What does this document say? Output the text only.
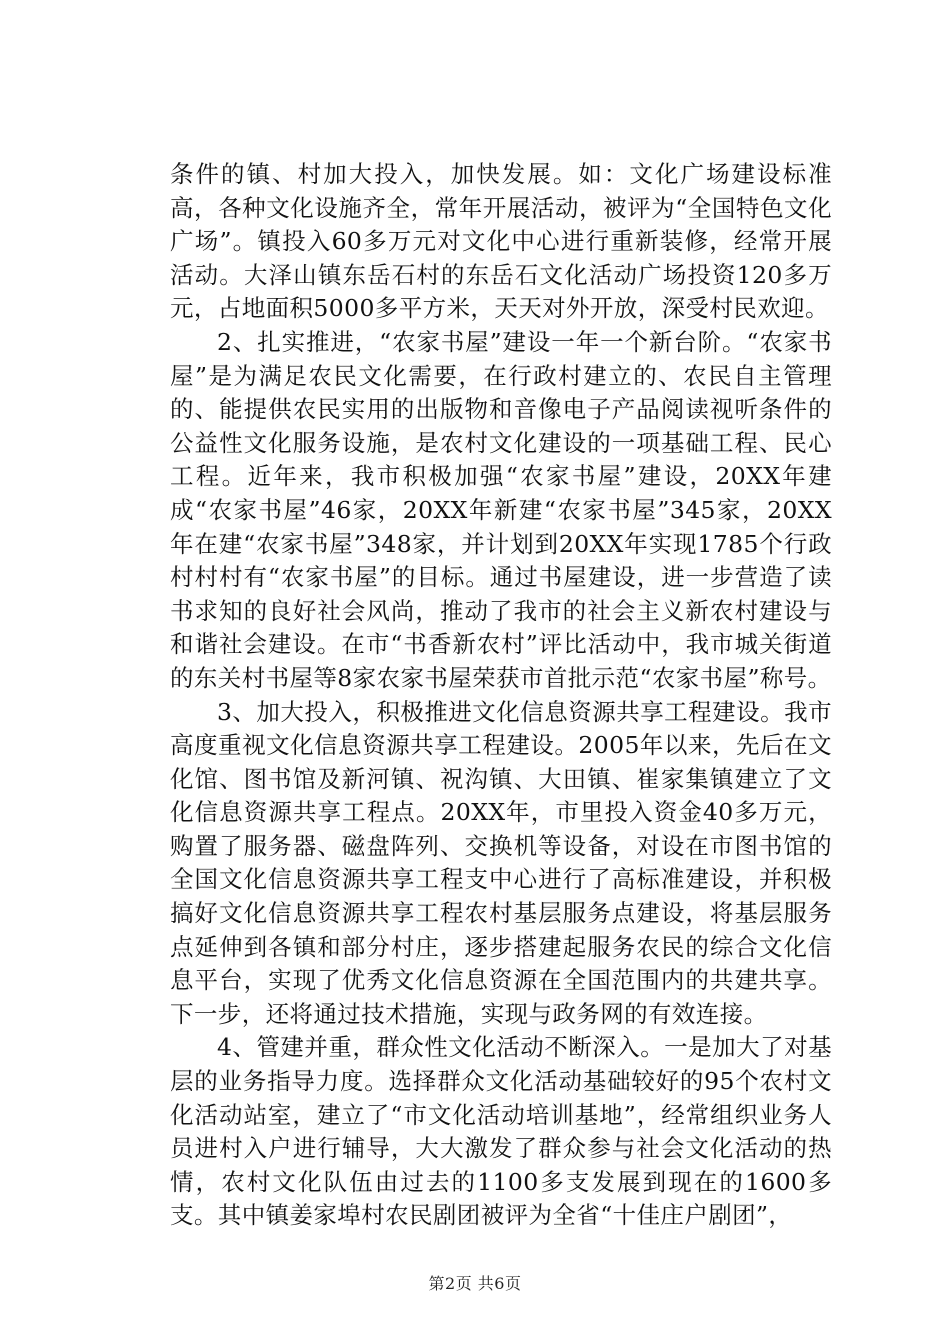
条件的镇、村加大投入，加快发展。如：文化广场建设标准高，各种文化设施齐全，常年开展活动，被评为“全国特色文化广场”。镇投入60多万元对文化中心进行重新装修，经常开展活动。大泽山镇东岳石村的东岳石文化活动广场投资120多万元，占地面积5000多平方米，天天对外开放，深受村民欢迎。

2、扎实推进，“农家书屋”建设一年一个新台阶。“农家书屋”是为满足农民文化需要，在行政村建立的、农民自主管理的、能提供农民实用的出版物和音像电子产品阅读视听条件的公益性文化服务设施，是农村文化建设的一项基础工程、民心工程。近年来，我市积极加强“农家书屋”建设，20XX年建成“农家书屋”46家，20XX年新建“农家书屋”345家，20XX年在建“农家书屋”348家，并计划到20XX年实现1785个行政村村村有“农家书屋”的目标。通过书屋建设，进一步营造了读书求知的良好社会风尚，推动了我市的社会主义新农村建设与和谐社会建设。在市“书香新农村”评比活动中，我市城关街道的东关村书屋等8家农家书屋荣获市首批示范“农家书屋”称号。

3、加大投入，积极推进文化信息资源共享工程建设。我市高度重视文化信息资源共享工程建设。2005年以来，先后在文化馆、图书馆及新河镇、祝沟镇、大田镇、崔家集镇建立了文化信息资源共享工程点。20XX年，市里投入资金40多万元，购置了服务器、磁盘阵列、交换机等设备，对设在市图书馆的全国文化信息资源共享工程支中心进行了高标准建设，并积极搞好文化信息资源共享工程农村基层服务点建设，将基层服务点延伸到各镇和部分村庄，逐步搭建起服务农民的综合文化信息平台，实现了优秀文化信息资源在全国范围内的共建共享。下一步，还将通过技术措施，实现与政务网的有效连接。

4、管建并重，群众性文化活动不断深入。一是加大了对基层的业务指导力度。选择群众文化活动基础较好的95个农村文化活动站室，建立了“市文化活动培训基地”，经常组织业务人员进村入户进行辅导，大大激发了群众参与社会文化活动的热情，农村文化队伍由过去的1100多支发展到现在的1600多支。其中镇姜家埠村农民剧团被评为全省“十佳庄户剧团”，

第2页 共6页
